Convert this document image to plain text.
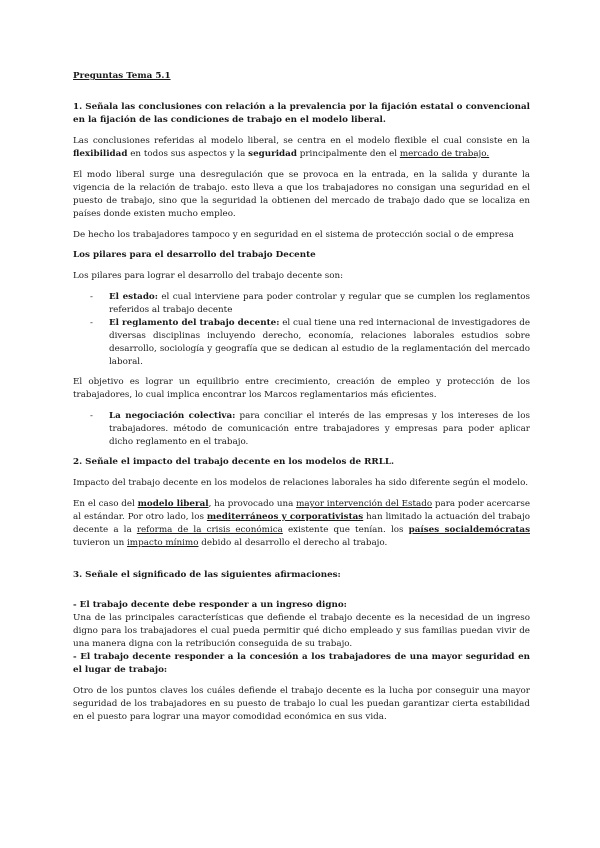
Preguntas Tema 5.1

1. Señala las conclusiones con relación a la prevalencia por la fijación estatal o convencional en la fijación de las condiciones de trabajo en el modelo liberal.

Las conclusiones referidas al modelo liberal, se centra en el modelo flexible el cual consiste en la flexibilidad en todos sus aspectos y la seguridad principalmente den el mercado de trabajo.

El modo liberal surge una desregulación que se provoca en la entrada, en la salida y durante la vigencia de la relación de trabajo. esto lleva a que los trabajadores no consigan una seguridad en el puesto de trabajo, sino que la seguridad la obtienen del mercado de trabajo dado que se localiza en países donde existen mucho empleo.

De hecho los trabajadores tampoco y en seguridad en el sistema de protección social o de empresa

Los pilares para el desarrollo del trabajo Decente

Los pilares para lograr el desarrollo del trabajo decente son:

- El estado: el cual interviene para poder controlar y regular que se cumplen los reglamentos referidos al trabajo decente
- El reglamento del trabajo decente: el cual tiene una red internacional de investigadores de diversas disciplinas incluyendo derecho, economía, relaciones laborales estudios sobre desarrollo, sociología y geografía que se dedican al estudio de la reglamentación del mercado laboral.

El objetivo es lograr un equilibrio entre crecimiento, creación de empleo y protección de los trabajadores, lo cual implica encontrar los Marcos reglamentarios más eficientes.

- La negociación colectiva: para conciliar el interés de las empresas y los intereses de los trabajadores. método de comunicación entre trabajadores y empresas para poder aplicar dicho reglamento en el trabajo.

2. Señale el impacto del trabajo decente en los modelos de RRLL.

Impacto del trabajo decente en los modelos de relaciones laborales ha sido diferente según el modelo.

En el caso del modelo liberal, ha provocado una mayor intervención del Estado para poder acercarse al estándar. Por otro lado, los mediterráneos y corporativistas han limitado la actuación del trabajo decente a la reforma de la crisis económica existente que tenían. los países socialdemócratas tuvieron un impacto mínimo debido al desarrollo el derecho al trabajo.

3. Señale el significado de las siguientes afirmaciones:

- El trabajo decente debe responder a un ingreso digno:

Una de las principales características que defiende el trabajo decente es la necesidad de un ingreso digno para los trabajadores el cual pueda permitir qué dicho empleado y sus familias puedan vivir de una manera digna con la retribución conseguida de su trabajo.

- El trabajo decente responder a la concesión a los trabajadores de una mayor seguridad en el lugar de trabajo:

Otro de los puntos claves los cuáles defiende el trabajo decente es la lucha por conseguir una mayor seguridad de los trabajadores en su puesto de trabajo lo cual les puedan garantizar cierta estabilidad en el puesto para lograr una mayor comodidad económica en sus vida.
